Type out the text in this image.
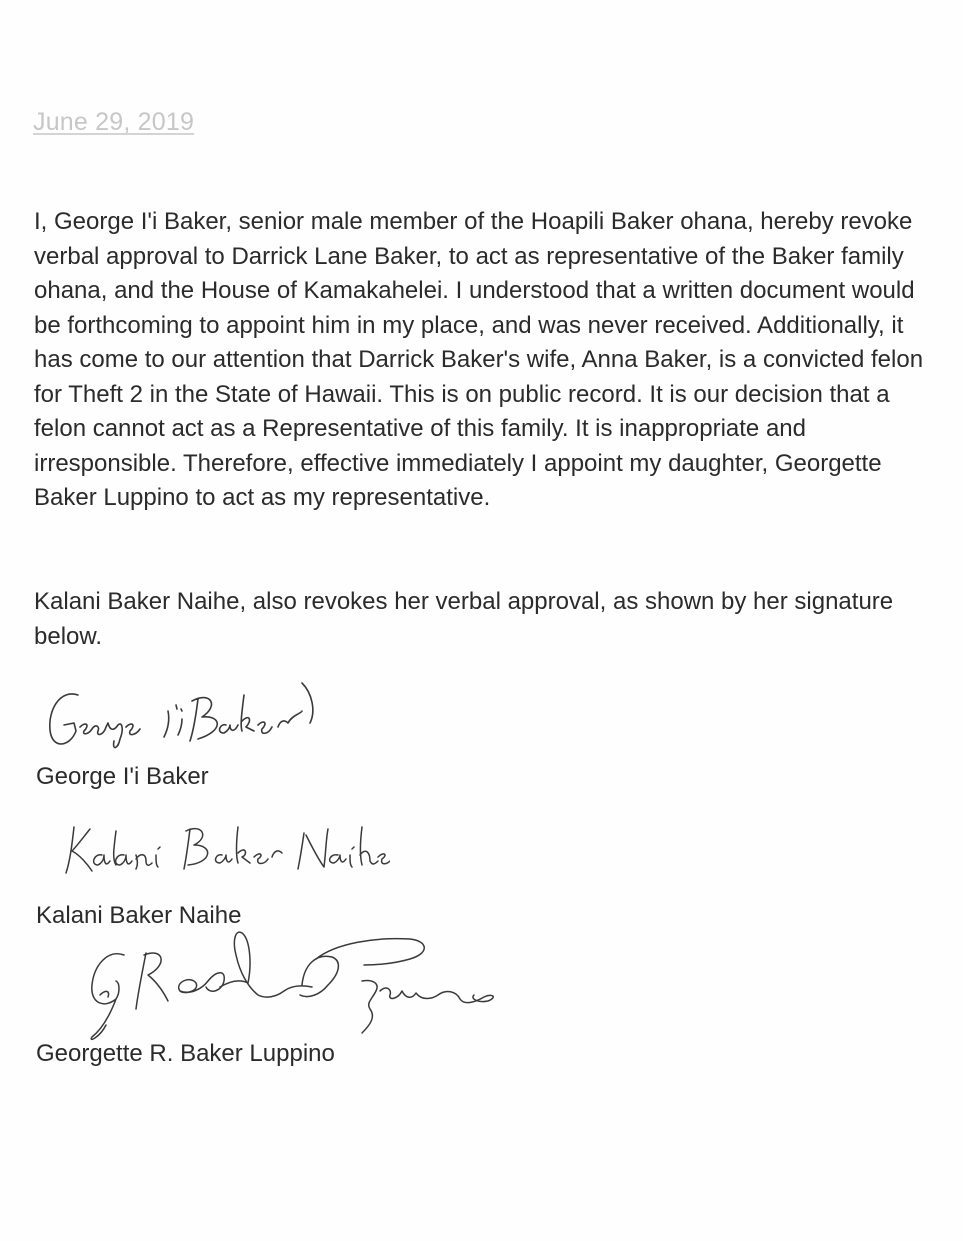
June 29, 2019

I, George I'i Baker, senior male member of the Hoapili Baker ohana, hereby revoke verbal approval to Darrick Lane Baker, to act as representative of the Baker family ohana, and the House of Kamakahelei. I understood that a written document would be forthcoming to appoint him in my place, and was never received. Additionally, it has come to our attention that Darrick Baker's wife, Anna Baker, is a convicted felon for Theft 2 in the State of Hawaii. This is on public record. It is our decision that a felon cannot act as a Representative of this family. It is inappropriate and irresponsible. Therefore, effective immediately I appoint my daughter, Georgette Baker Luppino to act as my representative.

Kalani Baker Naihe, also revokes her verbal approval, as shown by her signature below.

George I'i Baker
Kalani Baker Naihe
Georgette R. Baker Luppino
